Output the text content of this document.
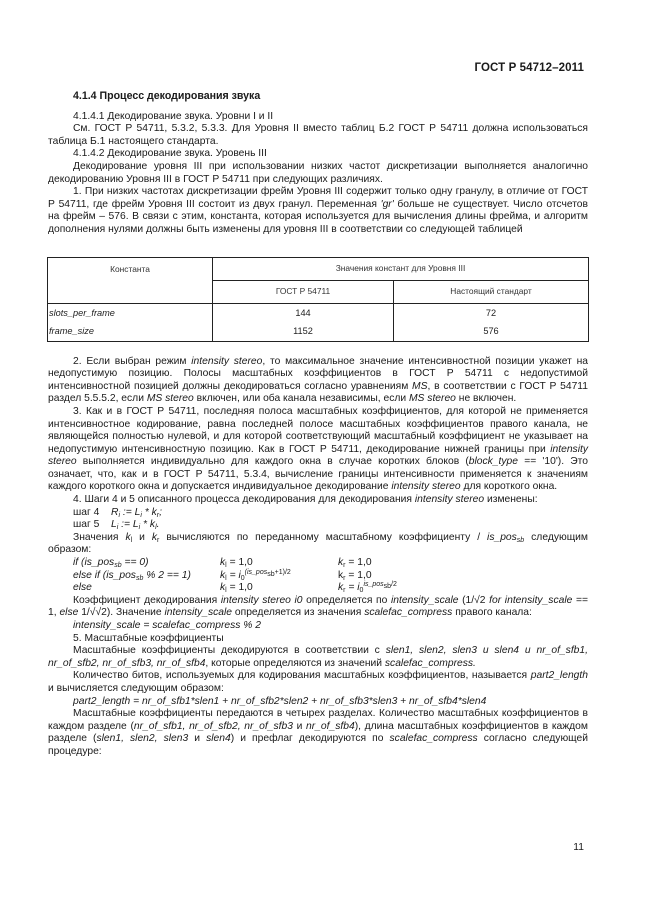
ГОСТ Р 54712–2011
4.1.4 Процесс декодирования звука

4.1.4.1 Декодирование звука. Уровни I и II

См. ГОСТ Р 54711, 5.3.2, 5.3.3. Для Уровня II вместо таблиц Б.2 ГОСТ Р 54711 должна использоваться таблица Б.1 настоящего стандарта.

4.1.4.2 Декодирование звука. Уровень III

Декодирование уровня III при использовании низких частот дискретизации выполняется аналогично декодированию Уровня III в ГОСТ Р 54711 при следующих различиях.

1. При низких частотах дискретизации фрейм Уровня III содержит только одну гранулу, в отличие от ГОСТ Р 54711, где фрейм Уровня III состоит из двух гранул. Переменная 'gr' больше не существует. Число отсчетов на фрейм – 576. В связи с этим, константа, которая используется для вычисления длины фрейма, и алгоритм дополнения нулями должны быть изменены для уровня III в соответствии со следующей таблицей

Константа	Значения констант для Уровня III	
	ГОСТ Р 54711	Настоящий стандарт
slots_per_frame	144	72
frame_size	1152	576

2. Если выбран режим intensity stereo, то максимальное значение интенсивностной позиции укажет на недопустимую позицию. Полосы масштабных коэффициентов в ГОСТ Р 54711 с недопустимой интенсивностной позицией должны декодироваться согласно уравнениям MS, в соответствии с ГОСТ Р 54711 раздел 5.5.5.2, если MS stereo включен, или оба канала независимы, если MS stereo не включен.

3. Как и в ГОСТ Р 54711, последняя полоса масштабных коэффициентов, для которой не применяется интенсивностное кодирование, равна последней полосе масштабных коэффициентов правого канала, не являющейся полностью нулевой, и для которой соответствующий масштабный коэффициент не указывает на недопустимую интенсивностную позицию. Как в ГОСТ Р 54711, декодирование нижней границы при intensity stereo выполняется индивидуально для каждого окна в случае коротких блоков (block_type == '10'). Это означает, что, как и в ГОСТ Р 54711, 5.3.4, вычисление границы интенсивности применяется к значениям каждого короткого окна и допускается индивидуальное декодирование intensity stereo для короткого окна.

4. Шаги 4 и 5 описанного процесса декодирования для декодирования intensity stereo изменены:

шаг 4 $R_i$ := $L_i * k_r$;
шаг 5 $L_i$ := $L_i * k_l$.

Значения $k_l$ и $k_r$ вычисляются по переданному масштабному коэффициенту / is_pos$_{sb}$ следующим образом:

if (is_pos$_{sb}$ == 0)	$k_l = 1,0$	$k_r = 1,0$
else if (is_pos$_{sb}$ % 2 == 1)	$k_l = i_0^{(is\_pos_{sb}+1)/2}$	$k_r = 1,0$
else	$k_l = 1,0$	$k_r = i_0^{is\_pos_{sb}/2}$

Коэффициент декодирования intensity stereo i0 определяется по intensity_scale (1/√2 for intensity_scale == 1, else 1/√√2). Значение intensity_scale определяется из значения scalefac_compress правого канала:

intensity_scale = scalefac_compress % 2

5. Масштабные коэффициенты

Масштабные коэффициенты декодируются в соответствии с slen1, slen2, slen3 и slen4 и nr_of_sfb1, nr_of_sfb2, nr_of_sfb3, nr_of_sfb4, которые определяются из значений scalefac_compress.

Количество битов, используемых для кодирования масштабных коэффициентов, называется part2_length и вычисляется следующим образом:

part2_length = nr_of_sfb1*slen1 + nr_of_sfb2*slen2 + nr_of_sfb3*slen3 + nr_of_sfb4*slen4

Масштабные коэффициенты передаются в четырех разделах. Количество масштабных коэффициентов в каждом разделе (nr_of_sfb1, nr_of_sfb2, nr_of_sfb3 и nr_of_sfb4), длина масштабных коэффициентов в каждом разделе (slen1, slen2, slen3 и slen4) и префлаг декодируются по scalefac_compress согласно следующей процедуре:

11
